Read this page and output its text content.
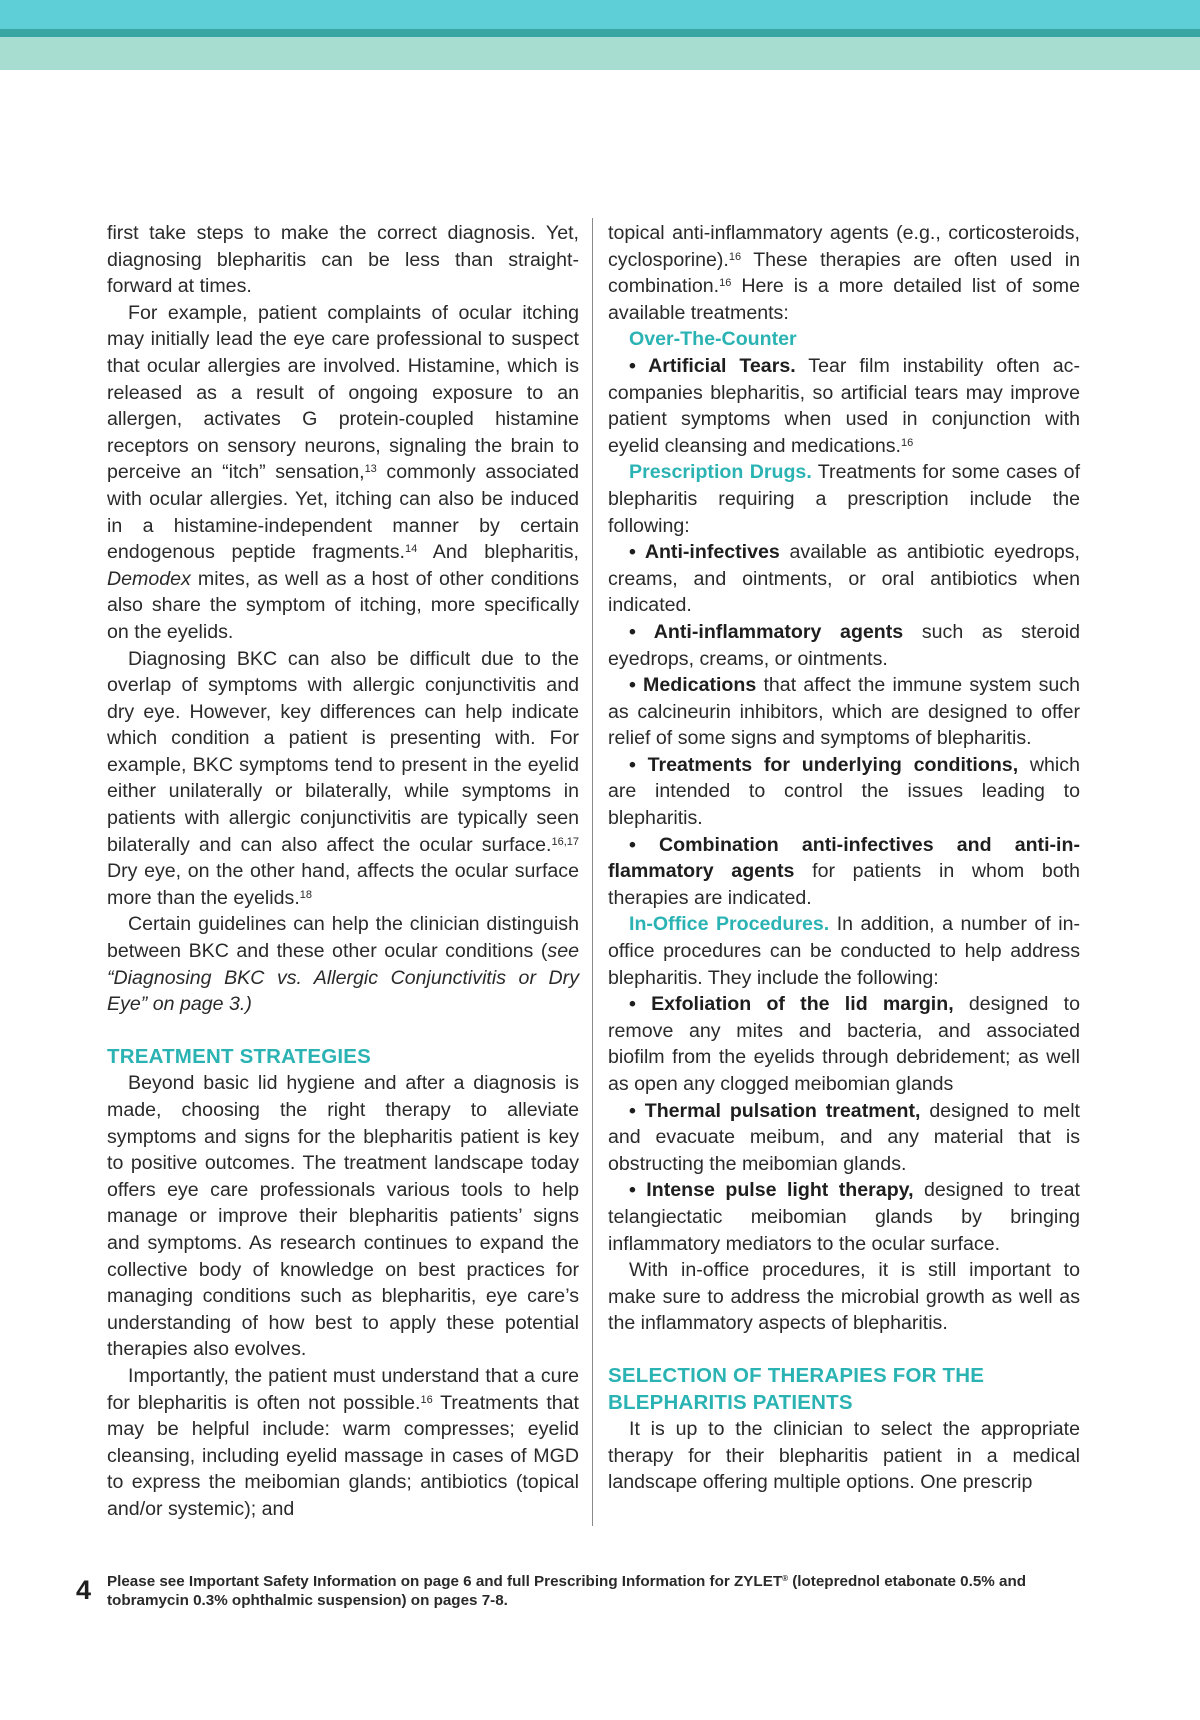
first take steps to make the correct diagnosis. Yet, diagnosing blepharitis can be less than straightforward at times.

For example, patient complaints of ocular itching may initially lead the eye care professional to suspect that ocular allergies are involved. Histamine, which is released as a result of ongoing exposure to an allergen, activates G protein-coupled histamine receptors on sensory neurons, signaling the brain to perceive an “itch” sensation,$^{13}$ commonly associated with ocular allergies. Yet, itching can also be induced in a histamine-independent manner by certain endogenous peptide fragments.$^{14}$ And blepharitis, Demodex mites, as well as a host of other conditions also share the symptom of itching, more specifically on the eyelids.

Diagnosing BKC can also be difficult due to the overlap of symptoms with allergic conjunctivitis and dry eye. However, key differences can help indicate which condition a patient is presenting with. For example, BKC symptoms tend to present in the eyelid either unilaterally or bilaterally, while symptoms in patients with allergic conjunctivitis are typically seen bilaterally and can also affect the ocular surface.$^{16,17}$ Dry eye, on the other hand, affects the ocular surface more than the eyelids.$^{18}$

Certain guidelines can help the clinician distinguish between BKC and these other ocular conditions (see “Diagnosing BKC vs. Allergic Conjunctivitis or Dry Eye” on page 3.)

TREATMENT STRATEGIES

Beyond basic lid hygiene and after a diagnosis is made, choosing the right therapy to alleviate symptoms and signs for the blepharitis patient is key to positive outcomes. The treatment landscape today offers eye care professionals various tools to help manage or improve their blepharitis patients’ signs and symptoms. As research continues to expand the collective body of knowledge on best practices for managing conditions such as blepharitis, eye care’s understanding of how best to apply these potential therapies also evolves.

Importantly, the patient must understand that a cure for blepharitis is often not possible.$^{16}$ Treatments that may be helpful include: warm compresses; eyelid cleansing, including eyelid massage in cases of MGD to express the meibomian glands; antibiotics (topical and/or systemic); and

topical anti-inflammatory agents (e.g., corticosteroids, cyclosporine).$^{16}$ These therapies are often used in combination.$^{16}$ Here is a more detailed list of some available treatments:

Over-The-Counter

• Artificial Tears. Tear film instability often accompanies blepharitis, so artificial tears may improve patient symptoms when used in conjunction with eyelid cleansing and medications.$^{16}$

Prescription Drugs. Treatments for some cases of blepharitis requiring a prescription include the following:

• Anti-infectives available as antibiotic eyedrops, creams, and ointments, or oral antibiotics when indicated.

• Anti-inflammatory agents such as steroid eyedrops, creams, or ointments.

• Medications that affect the immune system such as calcineurin inhibitors, which are designed to offer relief of some signs and symptoms of blepharitis.

• Treatments for underlying conditions, which are intended to control the issues leading to blepharitis.

• Combination anti-infectives and anti-inflammatory agents for patients in whom both therapies are indicated.

In-Office Procedures. In addition, a number of in-office procedures can be conducted to help address blepharitis. They include the following:

• Exfoliation of the lid margin, designed to remove any mites and bacteria, and associated biofilm from the eyelids through debridement; as well as open any clogged meibomian glands

• Thermal pulsation treatment, designed to melt and evacuate meibum, and any material that is obstructing the meibomian glands.

• Intense pulse light therapy, designed to treat telangiectatic meibomian glands by bringing inflammatory mediators to the ocular surface.

With in-office procedures, it is still important to make sure to address the microbial growth as well as the inflammatory aspects of blepharitis.

SELECTION OF THERAPIES FOR THE BLEPHARITIS PATIENTS

It is up to the clinician to select the appropriate therapy for their blepharitis patient in a medical landscape offering multiple options. One prescrip

4 Please see Important Safety Information on page 6 and full Prescribing Information for ZYLET® (loteprednol etabonate 0.5% and tobramycin 0.3% ophthalmic suspension) on pages 7-8.
